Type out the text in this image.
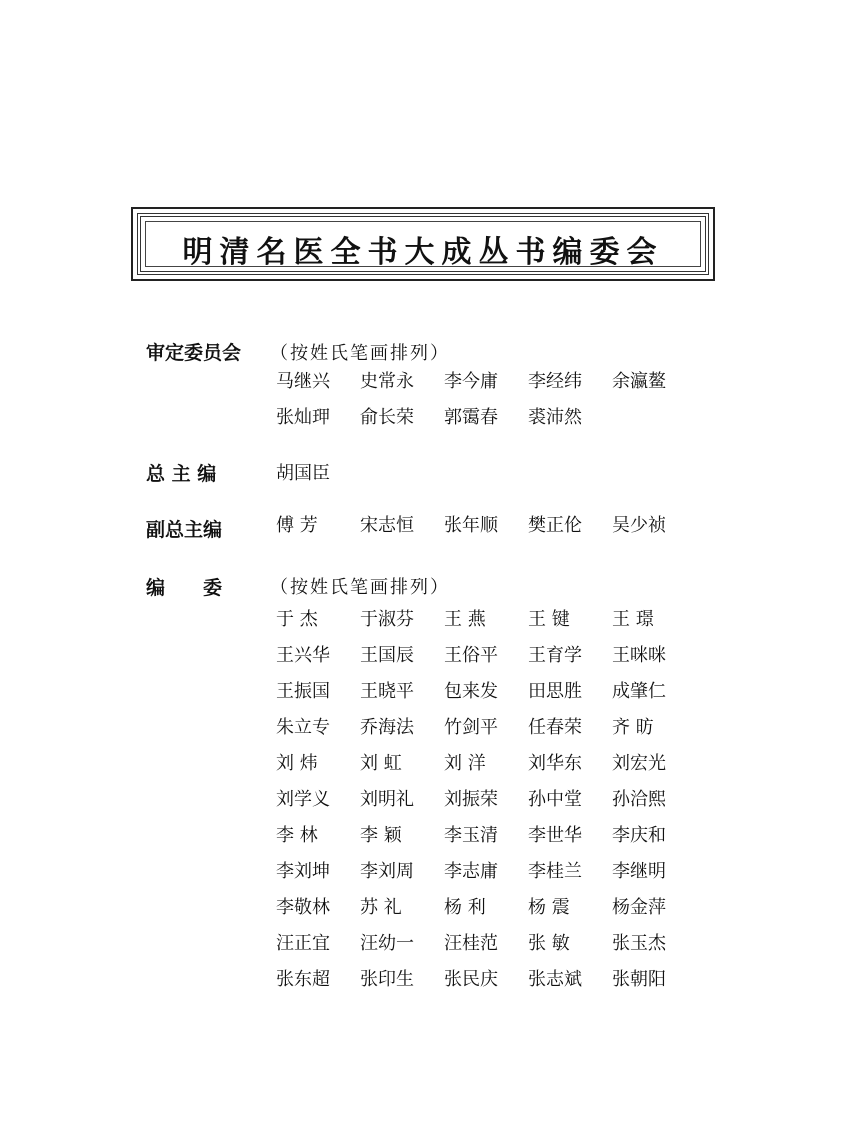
明清名医全书大成丛书编委会
审定委员会 （按姓氏笔画排列）
马继兴	史常永	李今庸	李经纬	余瀛鳌
张灿玾	俞长荣	郭霭春	裘沛然
总 主 编	胡国臣
副总主编	傅 芳	宋志恒	张年顺	樊正伦	吴少祯
编　　委	（按姓氏笔画排列）
于 杰	于淑芬	王 燕	王 键	王 璟
王兴华	王国辰	王俗平	王育学	王咪咪
王振国	王晓平	包来发	田思胜	成肇仁
朱立专	乔海法	竹剑平	任春荣	齐 昉
刘 炜	刘 虹	刘 洋	刘华东	刘宏光
刘学义	刘明礼	刘振荣	孙中堂	孙洽熙
李 林	李 颖	李玉清	李世华	李庆和
李刘坤	李刘周	李志庸	李桂兰	李继明
李敬林	苏 礼	杨 利	杨 震	杨金萍
汪正宜	汪幼一	汪桂范	张 敏	张玉杰
张东超	张印生	张民庆	张志斌	张朝阳
